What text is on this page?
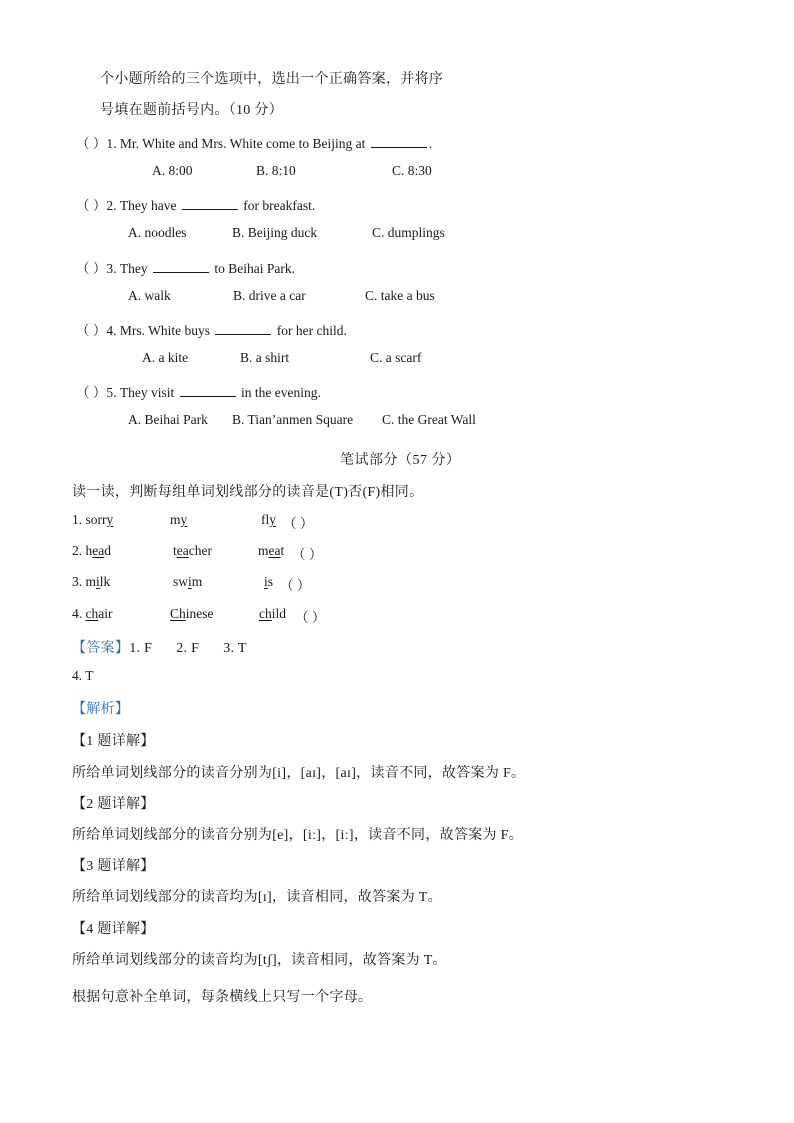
个小题所给的三个选项中，选出一个正确答案，并将序
号填在题前括号内。（10 分）
（ ）1. Mr. White and Mrs. White come to Beijing at	.
A. 8:00	B. 8:10	C. 8:30
（ ）2. They have	for breakfast.
A. noodles	B. Beijing duck	C. dumplings
（ ）3. They	to Beihai Park.
A. walk	B. drive a car	C. take a bus
（ ）4. Mrs. White buys	for her child.
A. a kite	B. a shirt	C. a scarf
（ ）5. They visit	in the evening.
A. Beihai Park B. Tian’anmen Square C. the Great Wall
笔试部分（57 分）
读一读，判断每组单词划线部分的读音是(T)否(F)相同。
1. sorry	my	fly （ ）
2. head	teacher	meat （ ）
3. milk	swim	is （ ）
4. chair	Chinese	child （ ）
【答案】1. F 2. F 3. T
4. T
【解析】
【1 题详解】
所给单词划线部分的读音分别为[i]，[aɪ]，[aɪ]，读音不同，故答案为 F。
【2 题详解】
所给单词划线部分的读音分别为[e]，[iː]，[iː]，读音不同，故答案为 F。
【3 题详解】
所给单词划线部分的读音均为[ɪ]，读音相同，故答案为 T。
【4 题详解】
所给单词划线部分的读音均为[tʃ]，读音相同，故答案为 T。
根据句意补全单词，每条横线上只写一个字母。
